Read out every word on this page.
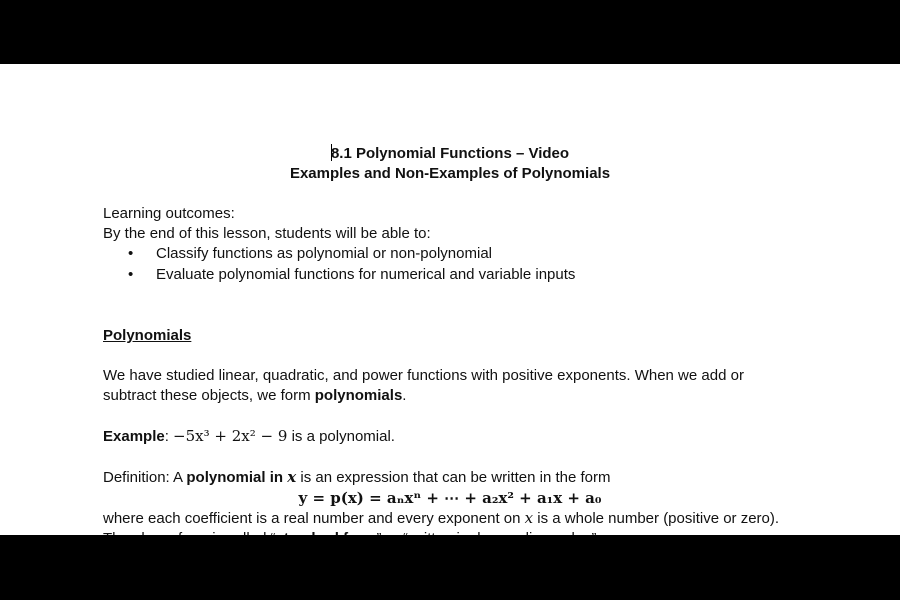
8.1 Polynomial Functions – Video
Examples and Non-Examples of Polynomials
Learning outcomes:
By the end of this lesson, students will be able to:
• Classify functions as polynomial or non-polynomial
• Evaluate polynomial functions for numerical and variable inputs
Polynomials
We have studied linear, quadratic, and power functions with positive exponents. When we add or
subtract these objects, we form polynomials.
Example: −5x³ + 2x² − 9 is a polynomial.
Definition: A polynomial in x is an expression that can be written in the form
y = p(x) = aₙxⁿ + ⋯ + a₂x² + a₁x + a₀
where each coefficient is a real number and every exponent on x is a whole number (positive or zero).
